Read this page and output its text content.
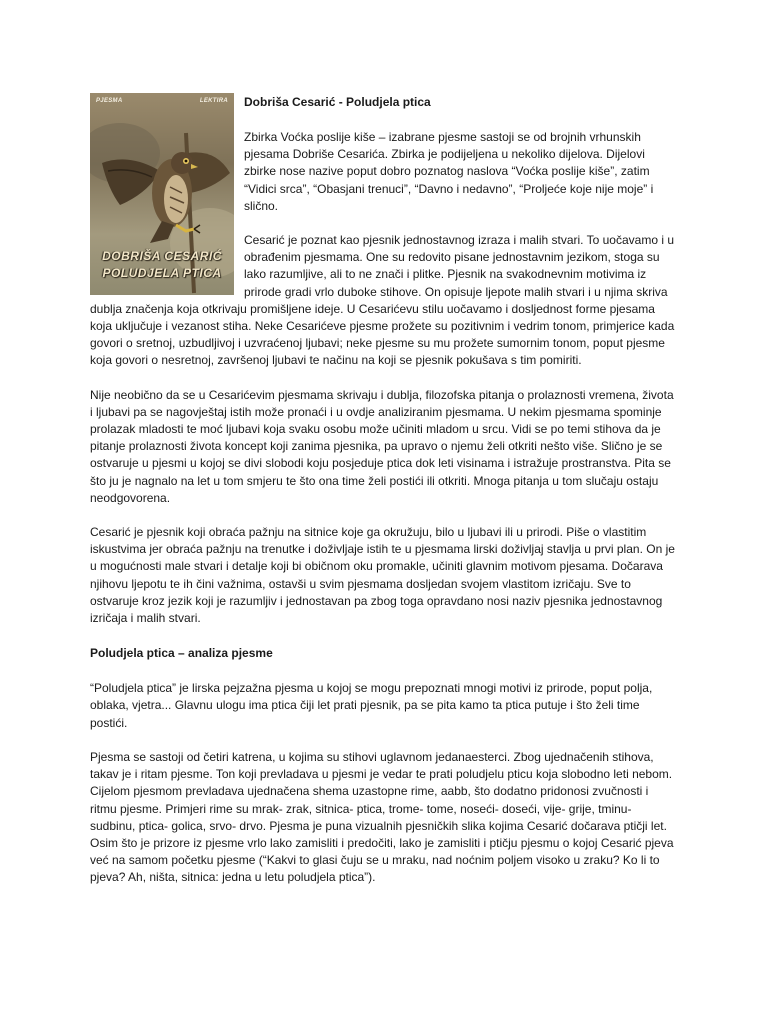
PJESMA	LEKTIRA
DOBRIŠA CESARIĆ
POLUDJELA PTICA
Dobriša Cesarić - Poludjela ptica

Zbirka Voćka poslije kiše – izabrane pjesme sastoji se od brojnih vrhunskih pjesama Dobriše Cesarića. Zbirka je podijeljena u nekoliko dijelova. Dijelovi zbirke nose nazive poput dobro poznatog naslova “Voćka poslije kiše”, zatim “Vidici srca”, “Obasjani trenuci”, “Davno i nedavno”, “Proljeće koje nije moje” i slično.

Cesarić je poznat kao pjesnik jednostavnog izraza i malih stvari. To uočavamo i u obrađenim pjesmama. One su redovito pisane jednostavnim jezikom, stoga su lako razumljive, ali to ne znači i plitke. Pjesnik na svakodnevnim motivima iz prirode gradi vrlo duboke stihove. On opisuje ljepote malih stvari i u njima skriva dublja značenja koja otkrivaju promišljene ideje. U Cesarićevu stilu uočavamo i dosljednost forme pjesama koja uključuje i vezanost stiha. Neke Cesarićeve pjesme prožete su pozitivnim i vedrim tonom, primjerice kada govori o sretnoj, uzbudljivoj i uzvraćenoj ljubavi; neke pjesme su mu prožete sumornim tonom, poput pjesme koja govori o nesretnoj, završenoj ljubavi te načinu na koji se pjesnik pokušava s tim pomiriti.

Nije neobično da se u Cesarićevim pjesmama skrivaju i dublja, filozofska pitanja o prolaznosti vremena, života i ljubavi pa se nagovještaj istih može pronaći i u ovdje analiziranim pjesmama. U nekim pjesmama spominje prolazak mladosti te moć ljubavi koja svaku osobu može učiniti mladom u srcu. Vidi se po temi stihova da je pitanje prolaznosti života koncept koji zanima pjesnika, pa upravo o njemu želi otkriti nešto više. Slično je se ostvaruje u pjesmi u kojoj se divi slobodi koju posjeduje ptica dok leti visinama i istražuje prostranstva. Pita se što ju je nagnalo na let u tom smjeru te što ona time želi postići ili otkriti. Mnoga pitanja u tom slučaju ostaju neodgovorena.

Cesarić je pjesnik koji obraća pažnju na sitnice koje ga okružuju, bilo u ljubavi ili u prirodi. Piše o vlastitim iskustvima jer obraća pažnju na trenutke i doživljaje istih te u pjesmama lirski doživljaj stavlja u prvi plan. On je u mogućnosti male stvari i detalje koji bi običnom oku promakle, učiniti glavnim motivom pjesama. Dočarava njihovu ljepotu te ih čini važnima, ostavši u svim pjesmama dosljedan svojem vlastitom izričaju. Sve to ostvaruje kroz jezik koji je razumljiv i jednostavan pa zbog toga opravdano nosi naziv pjesnika jednostavnog izričaja i malih stvari.

Poludjela ptica – analiza pjesme

“Poludjela ptica” je lirska pejzažna pjesma u kojoj se mogu prepoznati mnogi motivi iz prirode, poput polja, oblaka, vjetra... Glavnu ulogu ima ptica čiji let prati pjesnik, pa se pita kamo ta ptica putuje i što želi time postići.

Pjesma se sastoji od četiri katrena, u kojima su stihovi uglavnom jedanaesterci. Zbog ujednačenih stihova, takav je i ritam pjesme. Ton koji prevladava u pjesmi je vedar te prati poludjelu pticu koja slobodno leti nebom. Cijelom pjesmom prevladava ujednačena shema uzastopne rime, aabb, što dodatno pridonosi zvučnosti i ritmu pjesme. Primjeri rime su mrak- zrak, sitnica- ptica, trome- tome, noseći- doseći, vije- grije, tminu- sudbinu, ptica- golica, srvo- drvo. Pjesma je puna vizualnih pjesničkih slika kojima Cesarić dočarava ptičji let. Osim što je prizore iz pjesme vrlo lako zamisliti i predočiti, lako je zamisliti i ptičju pjesmu o kojoj Cesarić pjeva već na samom početku pjesme (“Kakvi to glasi čuju se u mraku, nad noćnim poljem visoko u zraku? Ko li to pjeva? Ah, ništa, sitnica: jedna u letu poludjela ptica”).
